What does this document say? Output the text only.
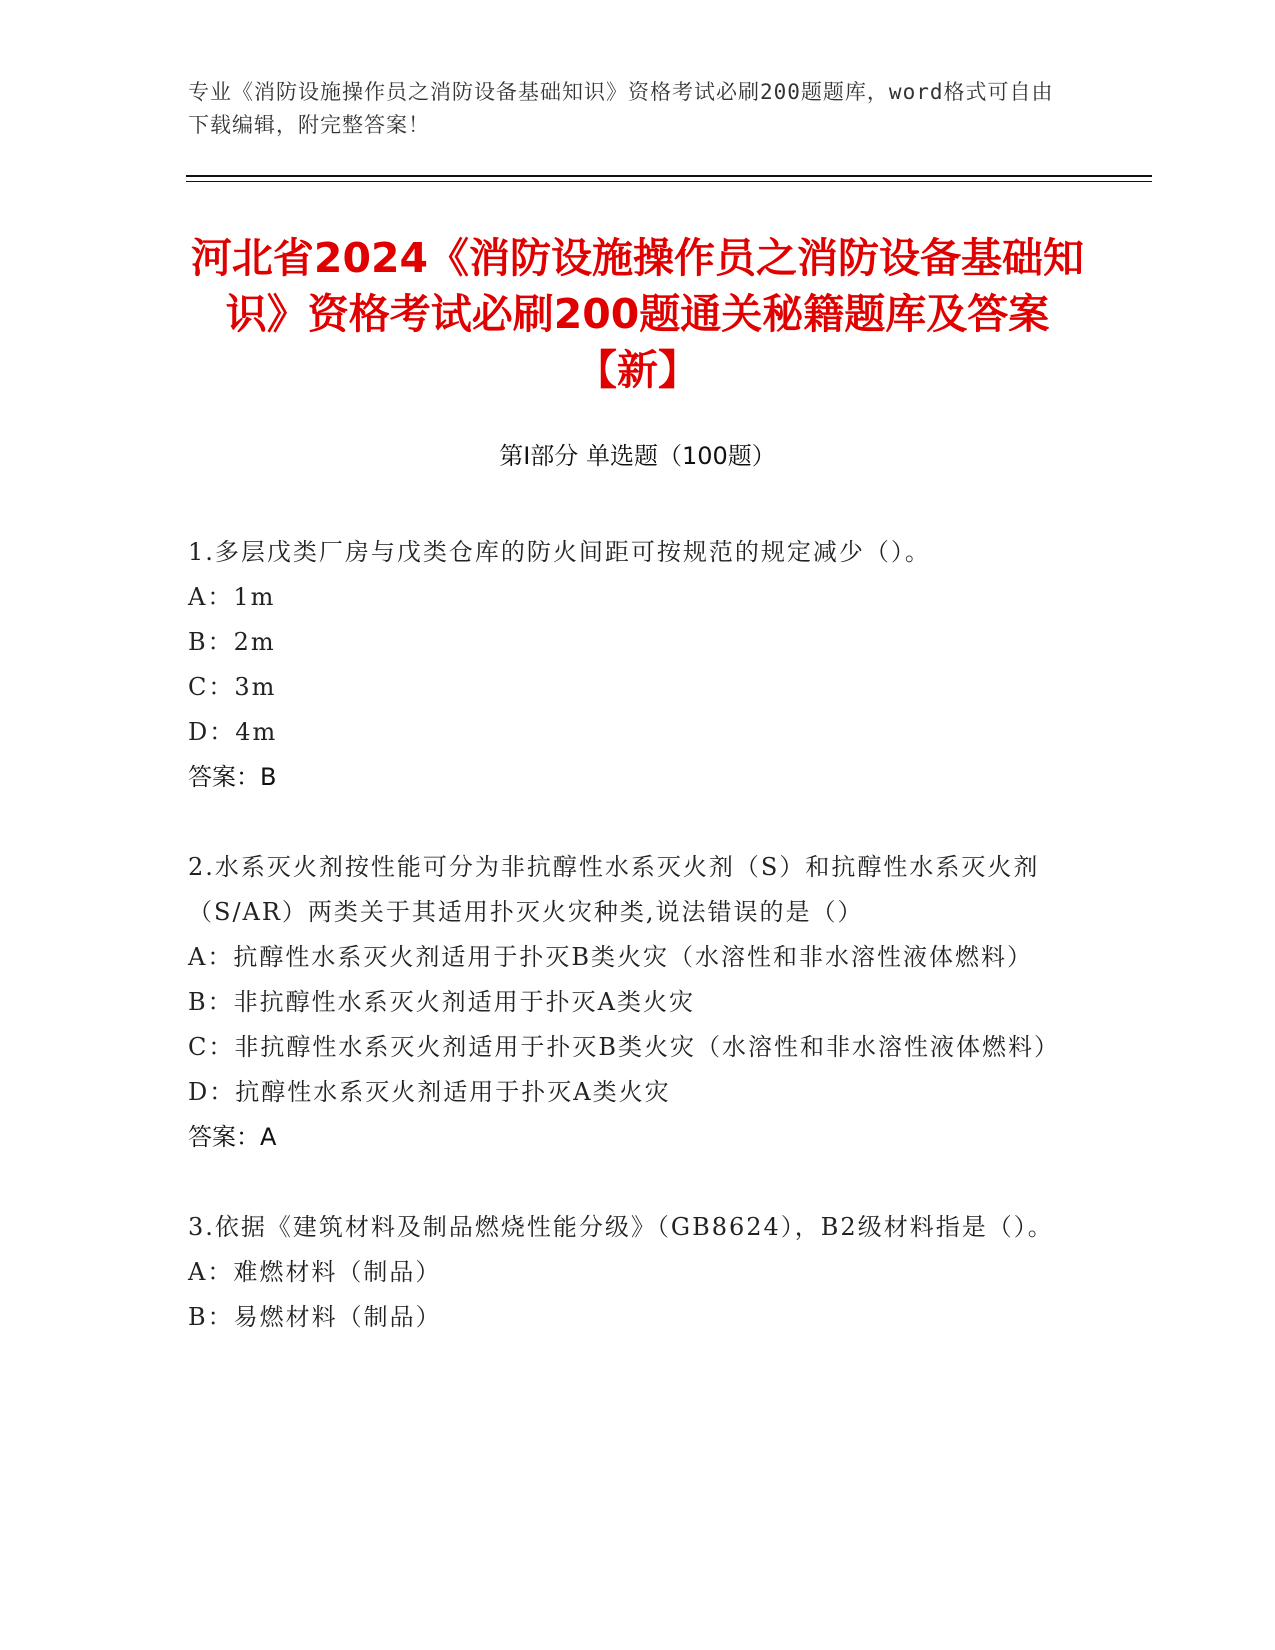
专业《消防设施操作员之消防设备基础知识》资格考试必刷200题题库，word格式可自由下载编辑，附完整答案！
河北省2024《消防设施操作员之消防设备基础知识》资格考试必刷200题通关秘籍题库及答案【新】
第I部分 单选题（100题）
1.多层戊类厂房与戊类仓库的防火间距可按规范的规定减少（）。
A：1m
B：2m
C：3m
D：4m
答案：B
2.水系灭火剂按性能可分为非抗醇性水系灭火剂（S）和抗醇性水系灭火剂（S/AR）两类关于其适用扑灭火灾种类,说法错误的是（）
A：抗醇性水系灭火剂适用于扑灭B类火灾（水溶性和非水溶性液体燃料）
B：非抗醇性水系灭火剂适用于扑灭A类火灾
C：非抗醇性水系灭火剂适用于扑灭B类火灾（水溶性和非水溶性液体燃料）
D：抗醇性水系灭火剂适用于扑灭A类火灾
答案：A
3.依据《建筑材料及制品燃烧性能分级》（GB8624），B2级材料指是（）。
A：难燃材料（制品）
B：易燃材料（制品）
